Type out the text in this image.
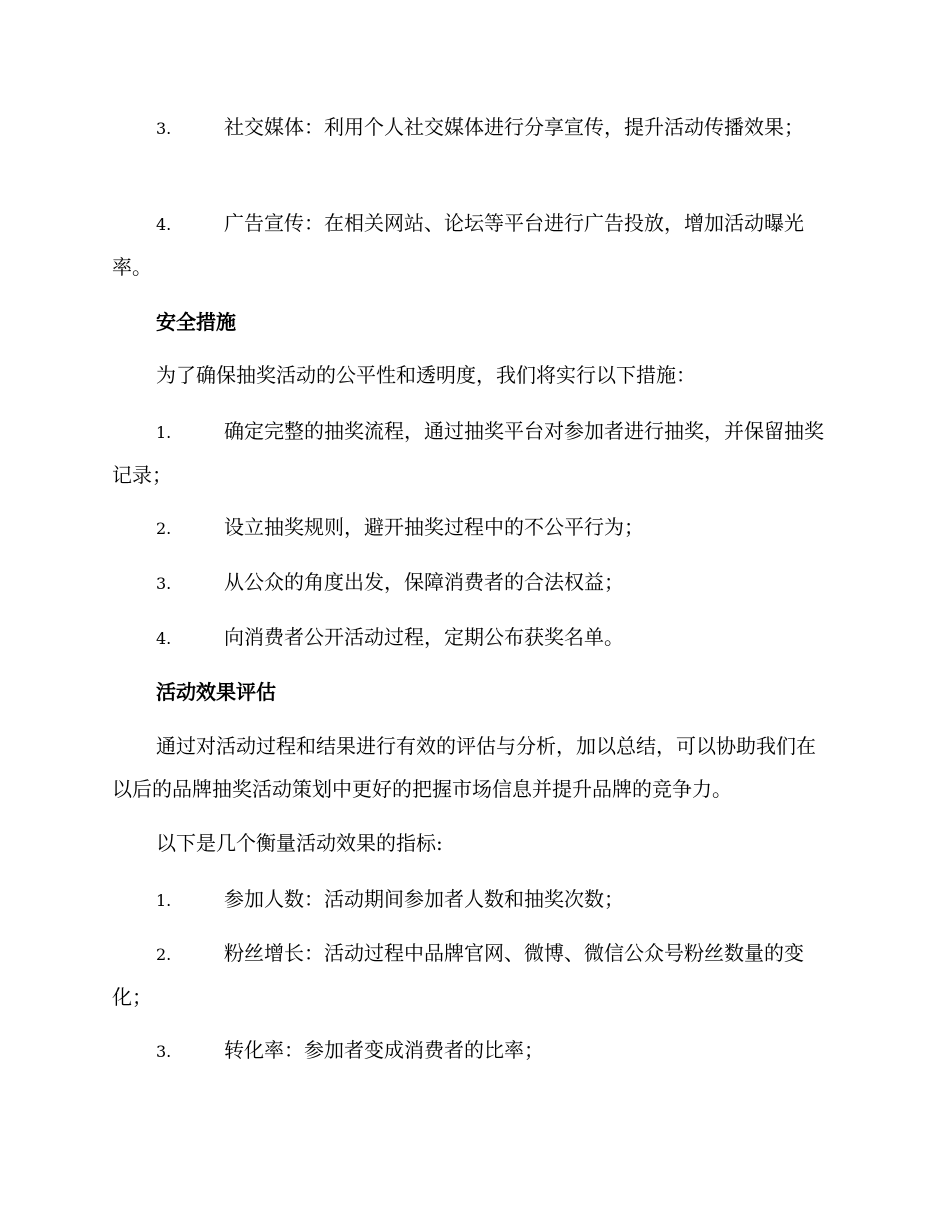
3.	社交媒体：利用个人社交媒体进行分享宣传，提升活动传播效果；
4.	广告宣传：在相关网站、论坛等平台进行广告投放，增加活动曝光率。
安全措施
为了确保抽奖活动的公平性和透明度，我们将实行以下措施：
1.	确定完整的抽奖流程，通过抽奖平台对参加者进行抽奖，并保留抽奖记录；
2.	设立抽奖规则，避开抽奖过程中的不公平行为；
3.	从公众的角度出发，保障消费者的合法权益；
4.	向消费者公开活动过程，定期公布获奖名单。
活动效果评估
通过对活动过程和结果进行有效的评估与分析，加以总结，可以协助我们在以后的品牌抽奖活动策划中更好的把握市场信息并提升品牌的竞争力。
以下是几个衡量活动效果的指标:
1.	参加人数：活动期间参加者人数和抽奖次数；
2.	粉丝增长：活动过程中品牌官网、微博、微信公众号粉丝数量的变化；
3.	转化率：参加者变成消费者的比率；
